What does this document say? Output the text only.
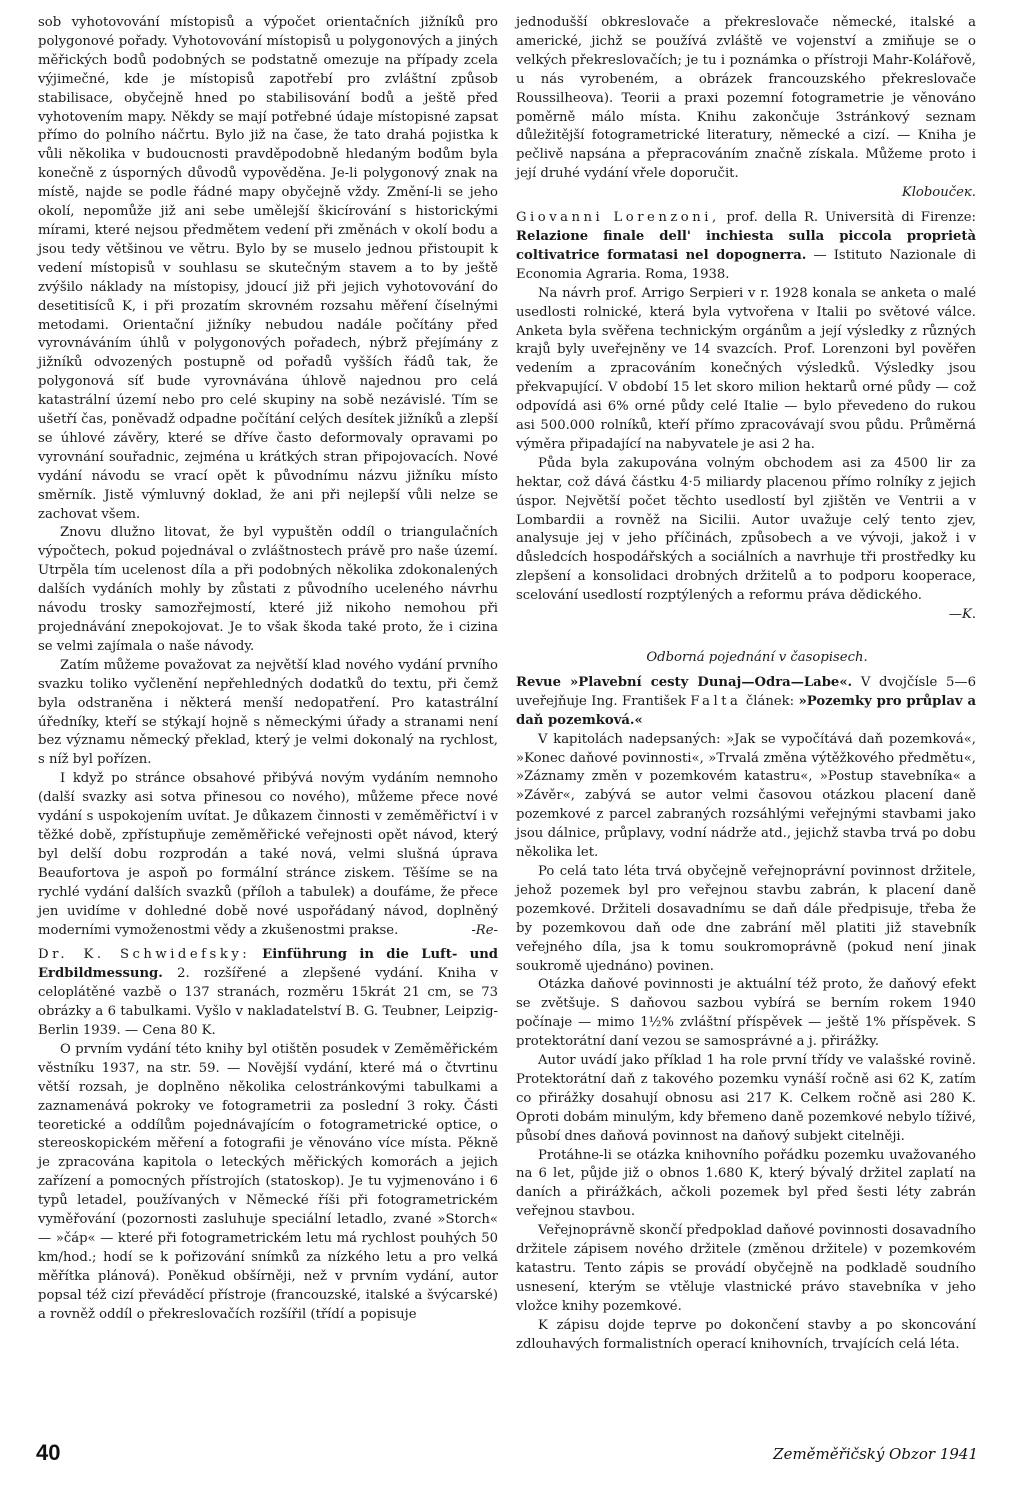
sob vyhotovování místopisů a výpočet orientačních jižníků pro polygonové pořady. Vyhotovování místopisů u polygonových a jiných měřických bodů podobných se podstatně omezuje na případy zcela výjimečné, kde je místopisů zapotřebí pro zvláštní způsob stabilisace, obyčejně hned po stabilisování bodů a ještě před vyhotovením mapy. Někdy se mají potřebné údaje místopisné zapsat přímo do polního náčrtu. Bylo již na čase, že tato drahá pojistka k vůli několika v budoucnosti pravděpodobně hledaným bodům byla konečně z úsporných důvodů vypověděna. Je-li polygonový znak na místě, najde se podle řádné mapy obyčejně vždy. Změní-li se jeho okolí, nepomůže již ani sebe umělejší škicírování s historickými mírami, které nejsou předmětem vedení při změnách v okolí bodu a jsou tedy většinou ve větru. Bylo by se muselo jednou přistoupit k vedení místopisů v souhlasu se skutečným stavem a to by ještě zvýšilo náklady na místopisy, jdoucí již při jejich vyhotovování do desetitisíců K, i při prozatím skrovném rozsahu měření číselnými metodami. Orientační jižníky nebudou nadále počítány před vyrovnáváním úhlů v polygonových pořadech, nýbrž přejímány z jižníků odvozených postupně od pořadů vyšších řádů tak, že polygonová síť bude vyrovnávána úhlově najednou pro celá katastrální území nebo pro celé skupiny na sobě nezávislé. Tím se ušetří čas, poněvadž odpadne počítání celých desítek jižníků a zlepší se úhlové závěry, které se dříve často deformovaly opravami po vyrovnání souřadnic, zejména u krátkých stran připojovacích. Nové vydání návodu se vrací opět k původnímu názvu jižníku místo směrník. Jistě výmluvný doklad, že ani při nejlepší vůli nelze se zachovat všem.

Znovu dlužno litovat, že byl vypuštěn oddíl o triangulačních výpočtech, pokud pojednával o zvláštnostech právě pro naše území. Utrpěla tím ucelenost díla a při podobných několika zdokonalených dalších vydáních mohly by zůstati z původního uceleného návrhu návodu trosky samozřejmostí, které již nikoho nemohou při projednávání znepokojovat. Je to však škoda také proto, že i cizina se velmi zajímala o naše návody.

Zatím můžeme považovat za největší klad nového vydání prvního svazku toliko vyčlenění nepřehledných dodatků do textu, při čemž byla odstraněna i některá menší nedopatření. Pro katastrální úředníky, kteří se stýkají hojně s německými úřady a stranami není bez významu německý překlad, který je velmi dokonalý na rychlost, s níž byl pořízen.

I když po stránce obsahové přibývá novým vydáním nemnoho (další svazky asi sotva přinesou co nového), můžeme přece nové vydání s uspokojením uvítat. Je důkazem činnosti v zeměměřictví i v těžké době, zpřístupňuje zeměměřické veřejnosti opět návod, který byl delší dobu rozprodán a také nová, velmi slušná úprava Beaufortova je aspoň po formální stránce ziskem. Těšíme se na rychlé vydání dalších svazků (příloh a tabulek) a doufáme, že přece jen uvidíme v dohledné době nové uspořádaný návod, doplněný moderními vymoženostmi vědy a zkušenostmi prakse.	-Re-

Dr. K. Schwidefsky: Einführung in die Luft- und Erdbildmessung. 2. rozšířené a zlepšené vydání. Kniha v celoplátěné vazbě o 137 stranách, rozměru 15krát 21 cm, se 73 obrázky a 6 tabulkami. Vyšlo v nakladatelství B. G. Teubner, Leipzig-Berlin 1939. — Cena 80 K.

O prvním vydání této knihy byl otištěn posudek v Zeměměřickém věstníku 1937, na str. 59. — Novější vydání, které má o čtvrtinu větší rozsah, je doplněno několika celostránkovými tabulkami a zaznamenává pokroky ve fotogrametrii za poslední 3 roky. Části teoretické a oddílům pojednávajícím o fotogrametrické optice, o stereoskopickém měření a fotografii je věnováno více místa. Pěkně je zpracována kapitola o leteckých měřických komorách a jejich zařízení a pomocných přístrojích (statoskop). Je tu vyjmenováno i 6 typů letadel, používaných v Německé říši při fotogrametrickém vyměřování (pozornosti zasluhuje speciální letadlo, zvané »Storch« — »čáp« — které při fotogrametrickém letu má rychlost pouhých 50 km/hod.; hodí se k pořizování snímků za nízkého letu a pro velká měřítka plánová). Poněkud obšírněji, než v prvním vydání, autor popsal též cizí převáděcí přístroje (francouzské, italské a švýcarské) a rovněž oddíl o překreslovačích rozšířil (třídí a popisuje

jednodušší obkreslovače a překreslovače německé, italské a americké, jichž se používá zvláště ve vojenství a zmiňuje se o velkých překreslovačích; je tu i poznámka o přístroji Mahr-Kolářově, u nás vyrobeném, a obrázek francouzského překreslovače Roussilheova). Teorii a praxi pozemní fotogrametrie je věnováno poměrně málo místa. Knihu zakončuje 3stránkový seznam důležitější fotogrametrické literatury, německé a cizí. — Kniha je pečlivě napsána a přepracováním značně získala. Můžeme proto i její druhé vydání vřele doporučit.

Kloboučeк.

Giovanni Lorenzoni, prof. della R. Università di Firenze: Relazione finale dell' inchiesta sulla piccola proprietà coltivatrice formatasi nel dopognerra. — Istituto Nazionale di Economia Agraria. Roma, 1938.

Na návrh prof. Arrigo Serpieri v r. 1928 konala se anketa o malé usedlosti rolnické, která byla vytvořena v Italii po světové válce. Anketa byla svěřena technickým orgánům a její výsledky z různých krajů byly uveřejněny ve 14 svazcích. Prof. Lorenzoni byl pověřen vedením a zpracováním konečných výsledků. Výsledky jsou překvapující. V období 15 let skoro milion hektarů orné půdy — což odpovídá asi 6% orné půdy celé Italie — bylo převedeno do rukou asi 500.000 rolníků, kteří přímo zpracovávají svou půdu. Průměrná výměra připadající na nabyvatele je asi 2 ha.

Půda byla zakupována volným obchodem asi za 4500 lir za hektar, což dává částku 4·5 miliardy placenou přímo rolníky z jejich úspor. Největší počet těchto usedlostí byl zjištěn ve Ventrii a v Lombardii a rovněž na Sicilii. Autor uvažuje celý tento zjev, analysuje jej v jeho příčinách, způsobech a ve vývoji, jakož i v důsledcích hospodářských a sociálních a navrhuje tři prostředky ku zlepšení a konsolidaci drobných držitelů a to podporu kooperace, scelování usedlostí rozptýlených a reformu práva dědického.

—K.

Odborná pojednání v časopisech.

Revue »Plavební cesty Dunaj—Odra—Labe«. V dvojčísle 5—6 uveřejňuje Ing. František Falta článek: »Pozemky pro průplav a daň pozemková.«

V kapitolách nadepsaných: »Jak se vypočítává daň pozemková«, »Konec daňové povinnosti«, »Trvalá změna výtěžkového předmětu«, »Záznamy změn v pozemkovém katastru«, »Postup stavebníka« a »Závěr«, zabývá se autor velmi časovou otázkou placení daně pozemkové z parcel zabraných rozsáhlými veřejnými stavbami jako jsou dálnice, průplavy, vodní nádrže atd., jejichž stavba trvá po dobu několika let.

Po celá tato léta trvá obyčejně veřejnoprávní povinnost držitele, jehož pozemek byl pro veřejnou stavbu zabrán, k placení daně pozemkové. Držiteli dosavadnímu se daň dále předpisuje, třeba že by pozemkovou daň ode dne zabrání měl platiti již stavebník veřejného díla, jsa k tomu soukromoprávně (pokud není jinak soukromě ujednáno) povinen.

Otázka daňové povinnosti je aktuální též proto, že daňový efekt se zvětšuje. S daňovou sazbou vybírá se berním rokem 1940 počínaje — mimo 1½% zvláštní příspěvek — ještě 1% příspěvek. S protektorátní daní vezou se samosprávné a j. přirážky.

Autor uvádí jako příklad 1 ha role první třídy ve valašské rovině. Protektorátní daň z takového pozemku vynáší ročně asi 62 K, zatím co přirážky dosahují obnosu asi 217 K. Celkem ročně asi 280 K. Oproti dobám minulým, kdy břemeno daně pozemkové nebylo tíživé, působí dnes daňová povinnost na daňový subjekt citelněji.

Protáhne-li se otázka knihovního pořádku pozemku uvažovaného na 6 let, půjde již o obnos 1.680 K, který bývalý držitel zaplatí na daních a přirážkách, ačkoli pozemek byl před šesti léty zabrán veřejnou stavbou.

Veřejnoprávně skončí předpoklad daňové povinnosti dosavadního držitele zápisem nového držitele (změnou držitele) v pozemkovém katastru. Tento zápis se provádí obyčejně na podkladě soudního usnesení, kterým se vtěluje vlastnické právo stavebníka v jeho vložce knihy pozemkové.

K zápisu dojde teprve po dokončení stavby a po skoncování zdlouhavých formalistních operací knihovních, trvajících celá léta.

40	Zeměměřičský Obzor 1941
